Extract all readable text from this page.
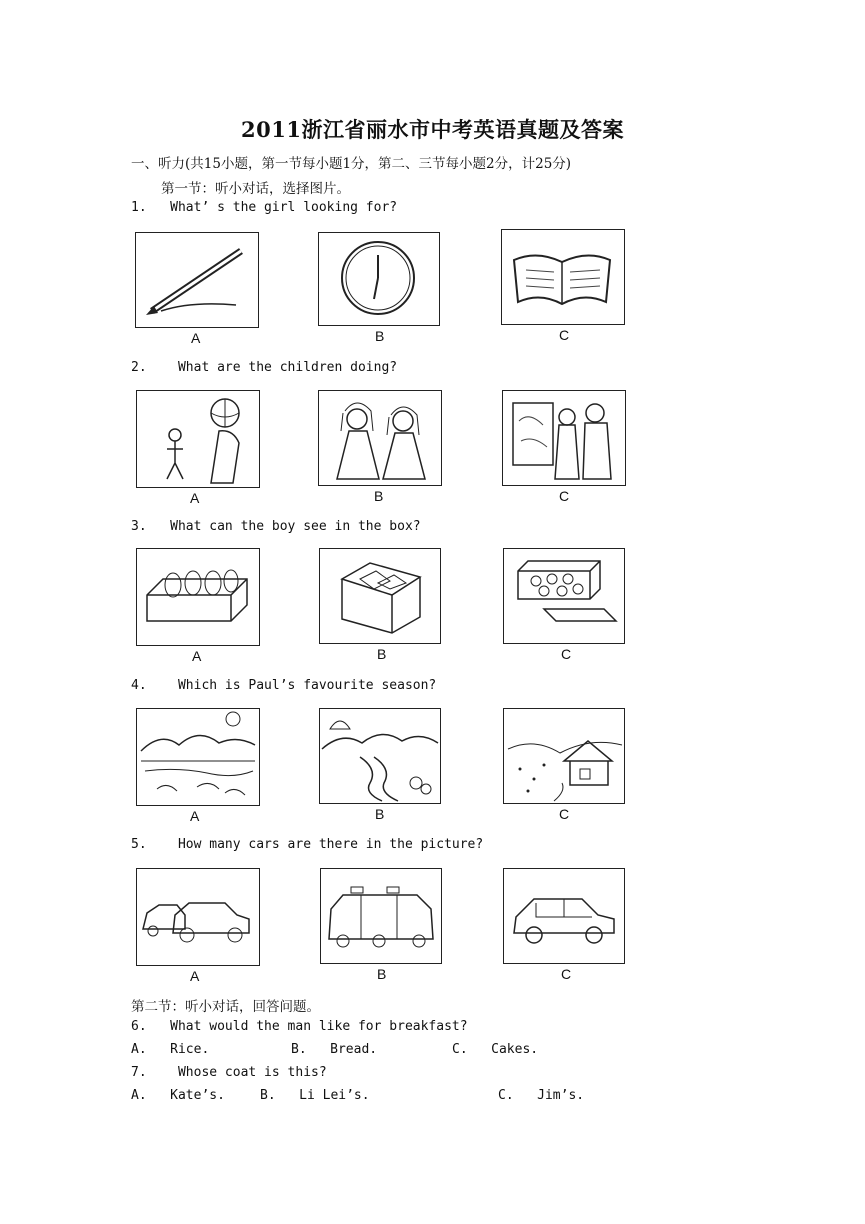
2011浙江省丽水市中考英语真题及答案
一、听力(共15小题，第一节每小题1分，第二、三节每小题2分，计25分)
第一节：听小对话，选择图片。
1. What’ s the girl looking for?
A	B	C
2. What are the children doing?
A	B	C
3. What can the boy see in the box?
A	B	C
4. Which is Paul’s favourite season?
A	B	C
5. How many cars are there in the picture?
A	B	C
第二节：听小对话，回答问题。
6. What would the man like for breakfast?
A.   Rice.	B.   Bread.	C.   Cakes.
7. Whose coat is this?
A.   Kate’s.	B.   Li Lei’s.	C.   Jim’s.
